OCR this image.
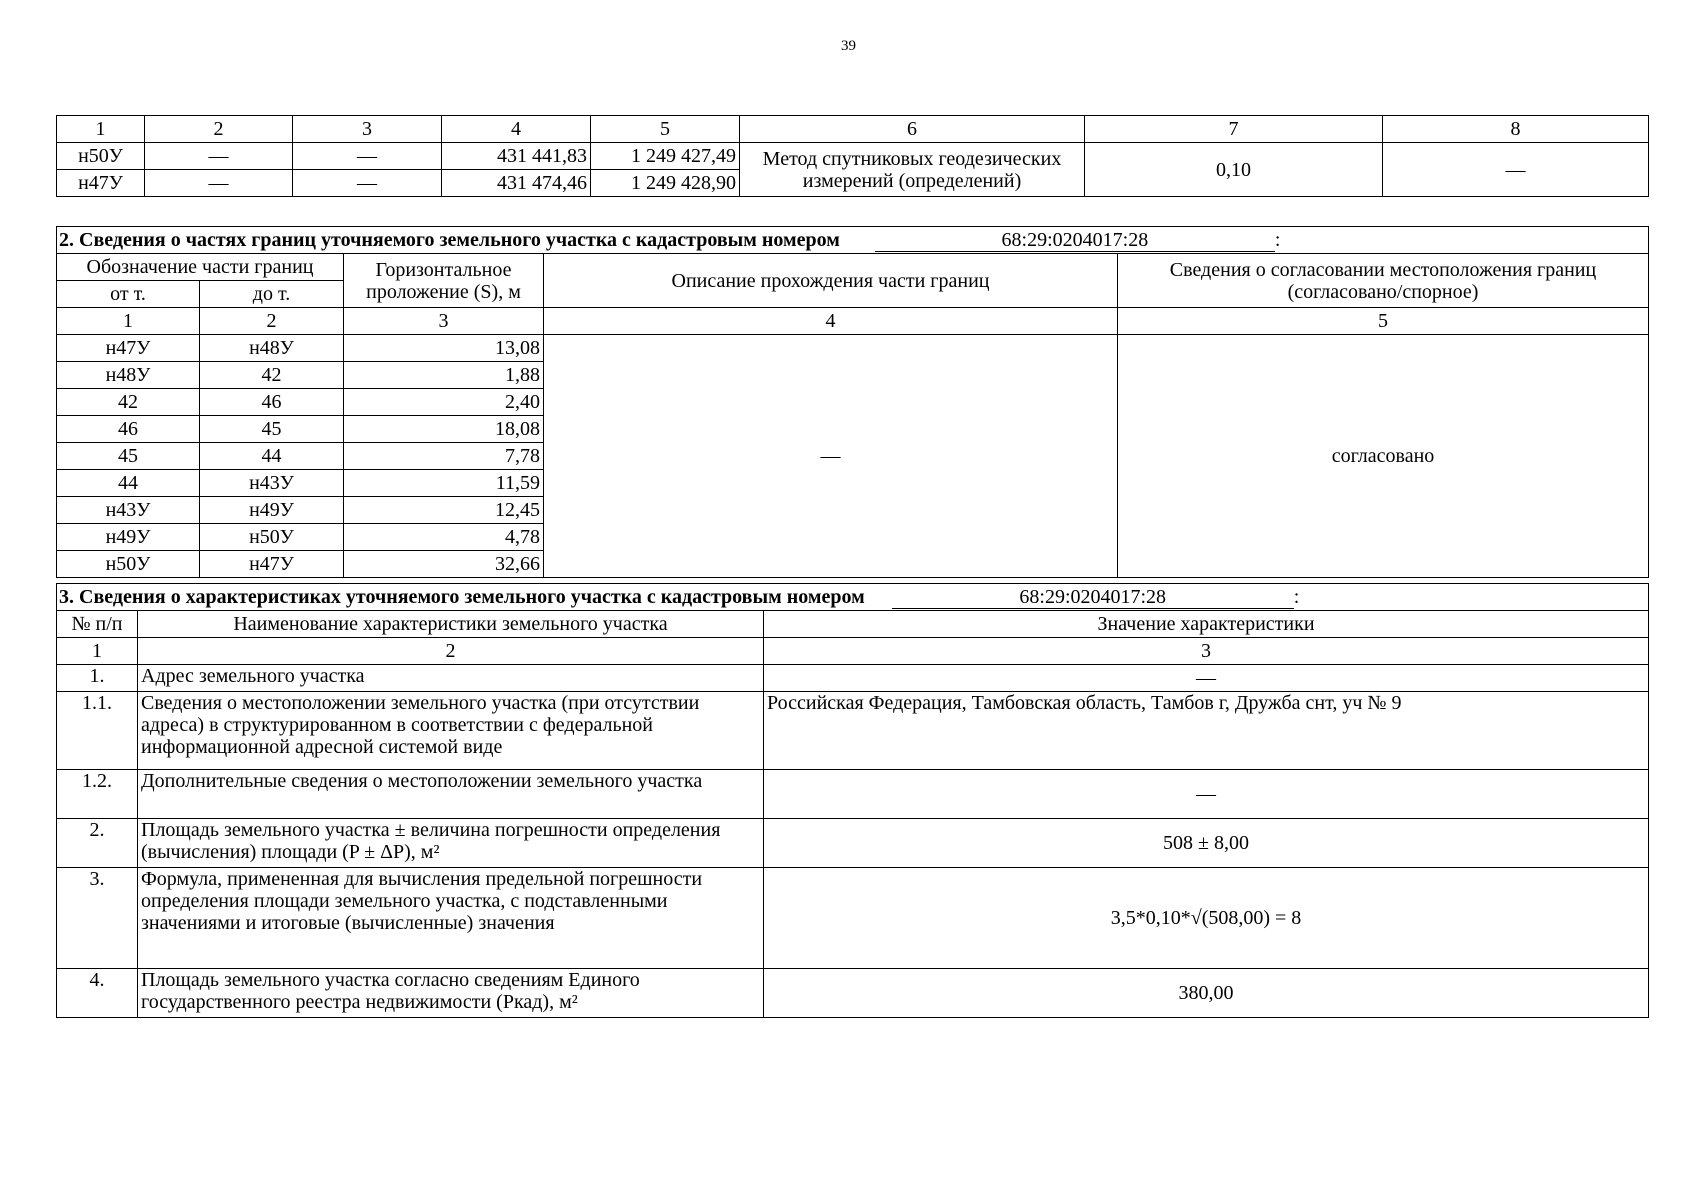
39
1	2	3	4	5	6	7	8
н50У	—	—	431 441,83	1 249 427,49	Метод спутниковых геодезических измерений (определений)	0,10	—
н47У	—	—	431 474,46	1 249 428,90			
2. Сведения о частях границ уточняемого земельного участка с кадастровым номером 68:29:0204017:28 :				
Обозначение части границ		Горизонтальное проложение (S), м	Описание прохождения части границ	Сведения о согласовании местоположения границ (согласовано/спорное)
от т.	до т.			
1	2	3	4	5
н47У	н48У	13,08	—	согласовано
н48У	42	1,88		
42	46	2,40		
46	45	18,08		
45	44	7,78		
44	н43У	11,59		
н43У	н49У	12,45		
н49У	н50У	4,78		
н50У	н47У	32,66		
3. Сведения о характеристиках уточняемого земельного участка с кадастровым номером 68:29:0204017:28 :		
№ п/п	Наименование характеристики земельного участка	Значение характеристики
1	2	3
1.	Адрес земельного участка	—
1.1.	Сведения о местоположении земельного участка (при отсутствии адреса) в структурированном в соответствии с федеральной информационной адресной системой виде	Российская Федерация, Тамбовская область, Тамбов г, Дружба снт, уч № 9
1.2.	Дополнительные сведения о местоположении земельного участка	—
2.	Площадь земельного участка ± величина погрешности определения (вычисления) площади (P ± ΔP), м²	508 ± 8,00
3.	Формула, примененная для вычисления предельной погрешности определения площади земельного участка, с подставленными значениями и итоговые (вычисленные) значения	3,5*0,10*√(508,00) = 8
4.	Площадь земельного участка согласно сведениям Единого государственного реестра недвижимости (Pкад), м²	380,00
